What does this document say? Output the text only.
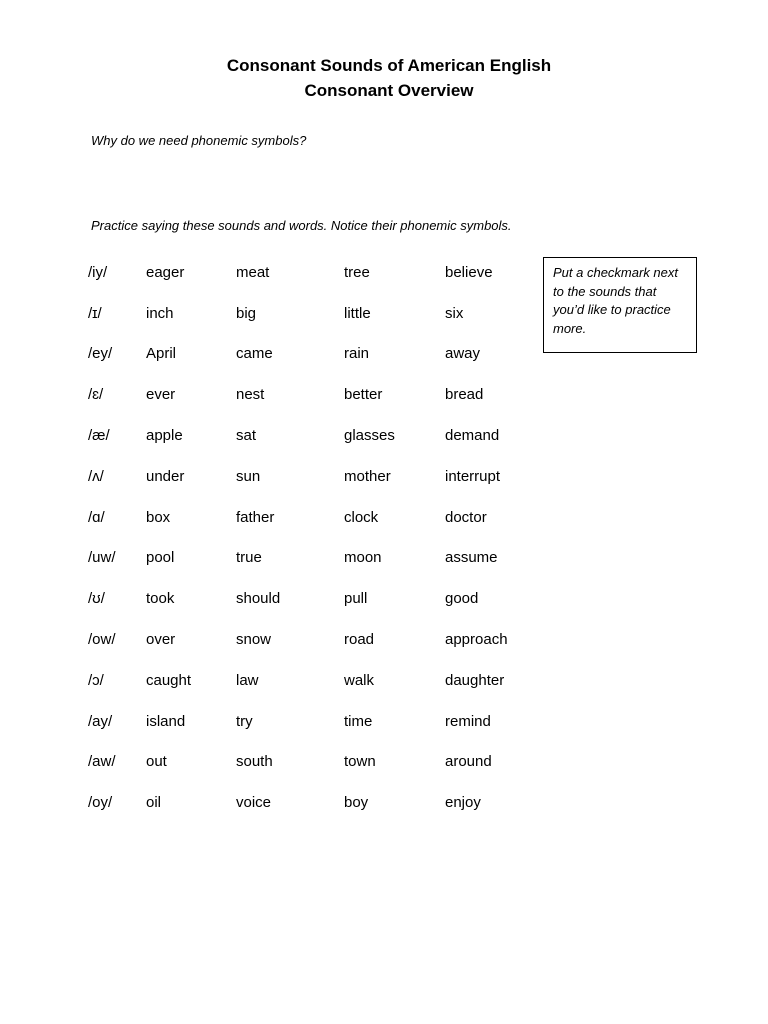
Consonant Sounds of American English
Consonant Overview
Why do we need phonemic symbols?
Practice saying these sounds and words. Notice their phonemic symbols.
/iy/	eager	meat	tree	believe
/ɪ/	inch	big	little	six
/ey/	April	came	rain	away
/ɛ/	ever	nest	better	bread
/æ/	apple	sat	glasses	demand
/ʌ/	under	sun	mother	interrupt
/ɑ/	box	father	clock	doctor
/uw/	pool	true	moon	assume
/ʊ/	took	should	pull	good
/ow/	over	snow	road	approach
/ɔ/	caught	law	walk	daughter
/ay/	island	try	time	remind
/aw/	out	south	town	around
/oy/	oil	voice	boy	enjoy
Put a checkmark next to the sounds that you’d like to practice more.
